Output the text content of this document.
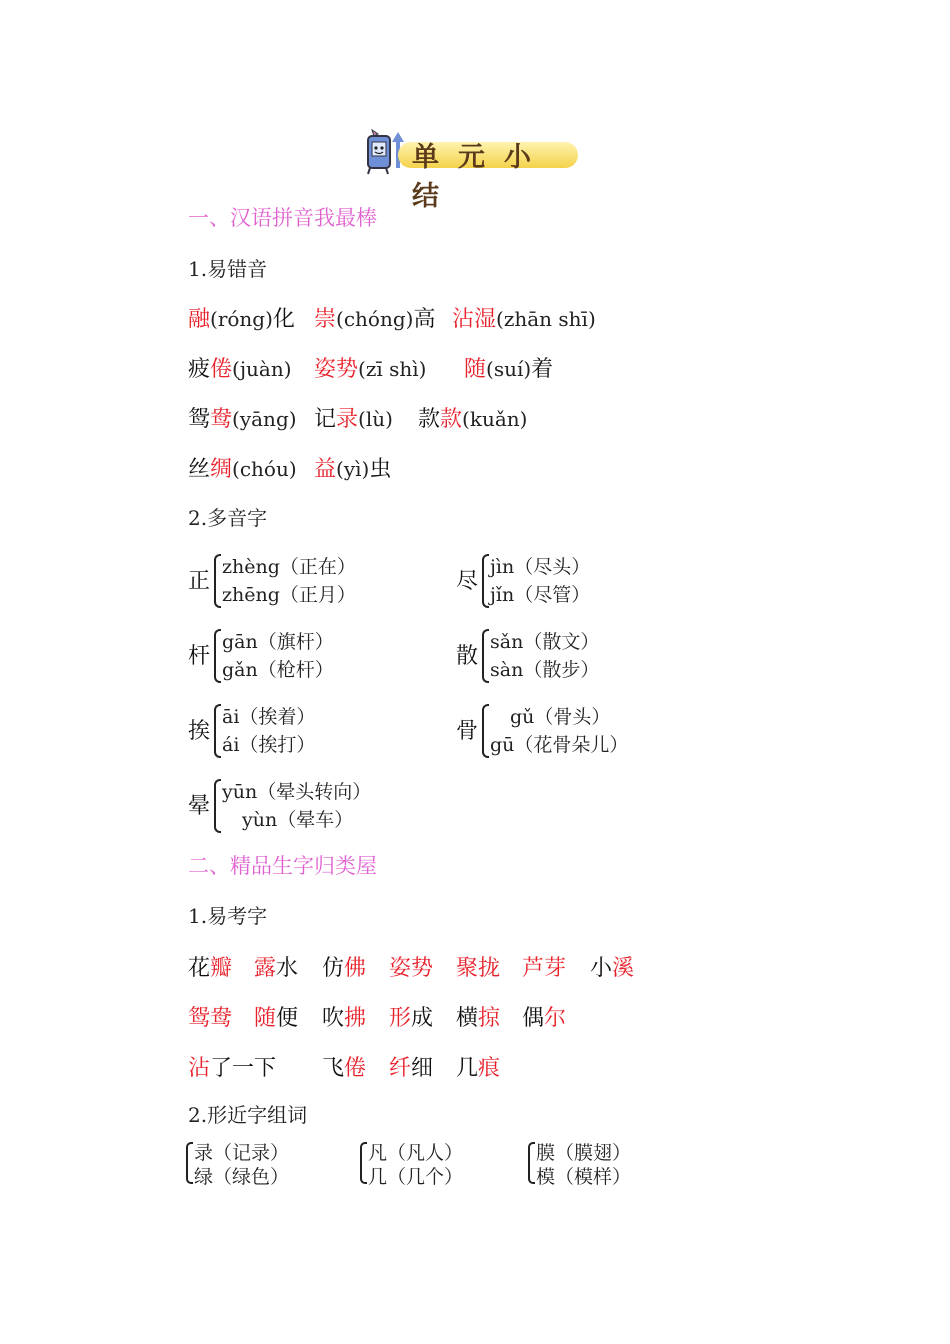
单元小结
一、汉语拼音我最棒
1.易错音
融(róng)化 崇(chóng)高 沾湿(zhān shī)
疲倦(juàn) 姿势(zī shì) 随(suí)着
鸳鸯(yāng) 记录(lù) 款款(kuǎn)
丝绸(chóu) 益(yì)虫
2.多音字
正
zhèng（正在）
zhēng（正月）
尽
jìn（尽头）
jǐn（尽管）
杆
gān（旗杆）
gǎn（枪杆）
散
sǎn（散文）
sàn（散步）
挨
āi（挨着）
ái（挨打）
骨
gǔ（骨头）
gū（花骨朵儿）
晕
yūn（晕头转向）
yùn（晕车）
二、精品生字归类屋
1.易考字
花瓣 露水 仿佛 姿势 聚拢 芦芽 小溪
鸳鸯 随便 吹拂 形成 横掠 偶尔
沾了一下 飞倦 纤细 几痕
2.形近字组词
录（记录）
绿（绿色）
凡（凡人）
几（几个）
膜（膜翅）
模（模样）
